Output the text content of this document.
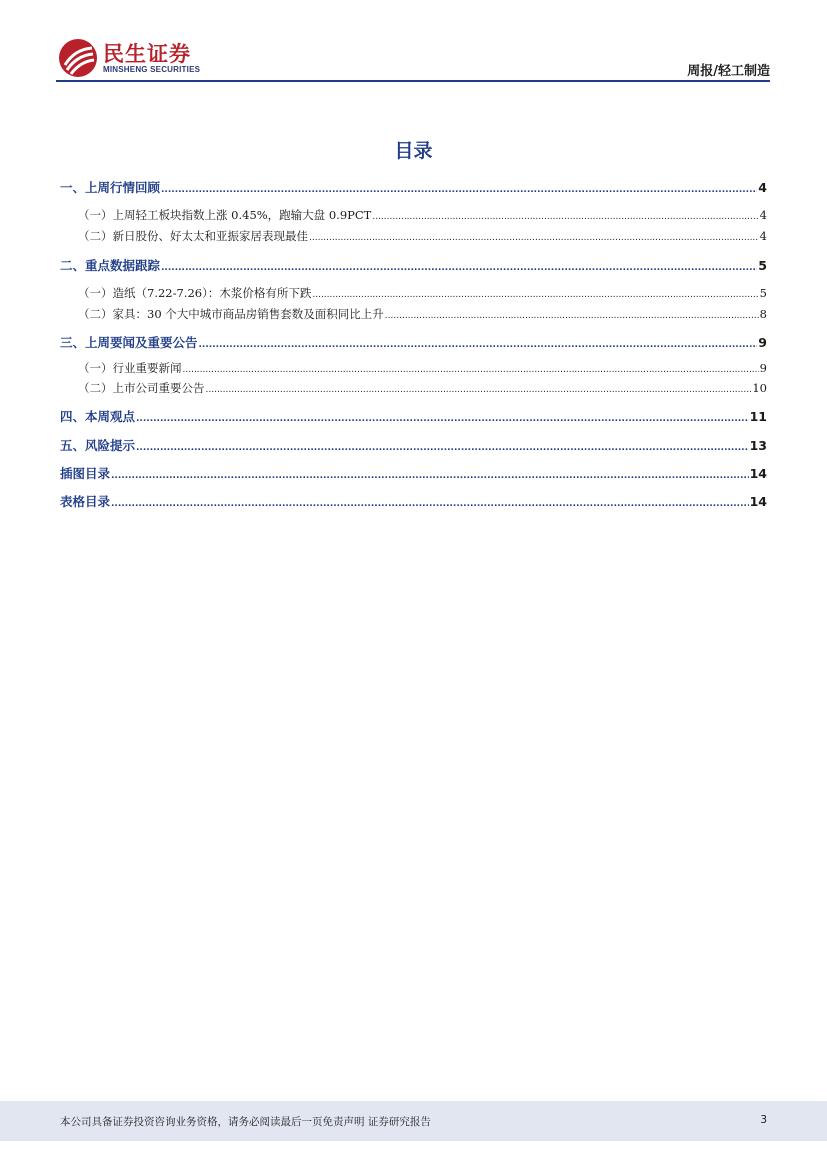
民生证券
MINSHENG SECURITIES	周报/轻工制造
目录
一、上周行情回顾 .....	4
（一）上周轻工板块指数上涨 0.45%，跑输大盘 0.9PCT .....	4
（二）新日股份、好太太和亚振家居表现最佳 .....	4
二、重点数据跟踪 .....	5
（一）造纸（7.22-7.26）：木浆价格有所下跌 .....	5
（二）家具：30 个大中城市商品房销售套数及面积同比上升 .....	8
三、上周要闻及重要公告 .....	9
（一）行业重要新闻 .....	9
（二）上市公司重要公告 .....	10
四、本周观点 .....	11
五、风险提示 .....	13
插图目录 .....	14
表格目录 .....	14
本公司具备证券投资咨询业务资格，请务必阅读最后一页免责声明 证券研究报告	3
